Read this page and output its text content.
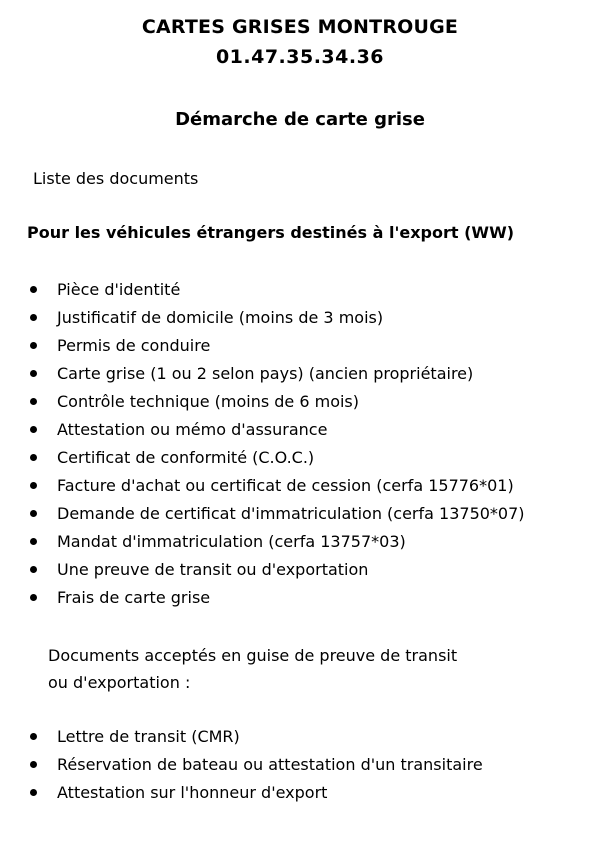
CARTES GRISES MONTROUGE
01.47.35.34.36
Démarche de carte grise
Liste des documents
Pour les véhicules étrangers destinés à l'export (WW)
Pièce d'identité
Justificatif de domicile (moins de 3 mois)
Permis de conduire
Carte grise (1 ou 2 selon pays) (ancien propriétaire)
Contrôle technique (moins de 6 mois)
Attestation ou mémo d'assurance
Certificat de conformité (C.O.C.)
Facture d'achat ou certificat de cession (cerfa 15776*01)
Demande de certificat d'immatriculation (cerfa 13750*07)
Mandat d'immatriculation (cerfa 13757*03)
Une preuve de transit ou d'exportation
Frais de carte grise
Documents acceptés en guise de preuve de transit
ou d'exportation :
Lettre de transit (CMR)
Réservation de bateau ou attestation d'un transitaire
Attestation sur l'honneur d'export
